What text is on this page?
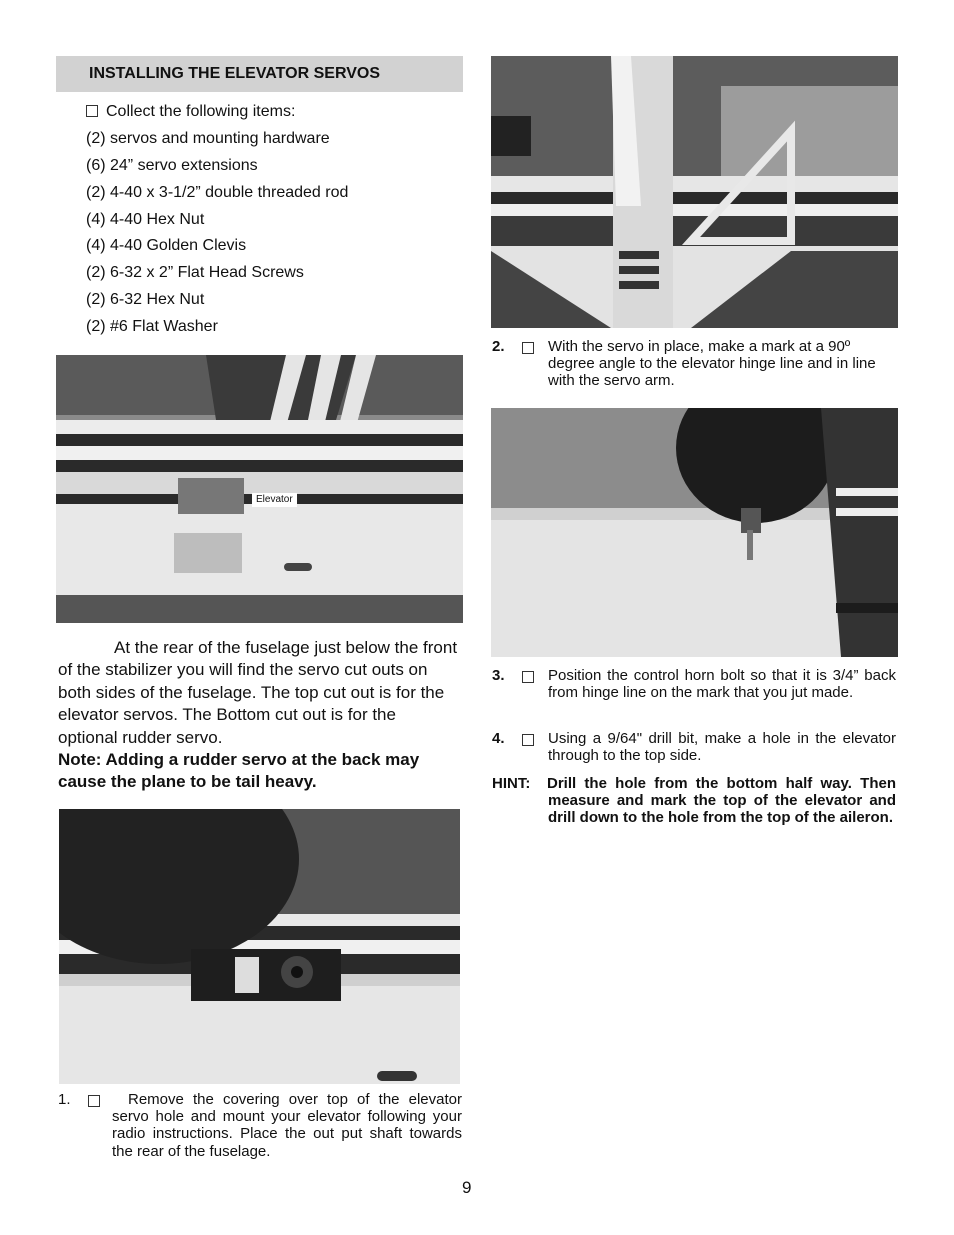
INSTALLING THE ELEVATOR SERVOS
Collect the following items:
(2) servos and mounting hardware
(6) 24” servo extensions
(2) 4-40 x 3-1/2” double threaded rod
(4) 4-40 Hex Nut
(4) 4-40 Golden Clevis
(2) 6-32 x 2” Flat Head Screws
(2) 6-32 Hex Nut
(2) #6 Flat Washer
Elevator
At the rear of the fuselage just below the front of the stabilizer you will find the servo cut outs on both sides of the fuselage. The top cut out is for the elevator servos. The Bottom cut out is for the optional rudder servo.
Note: Adding a rudder servo at the back may cause the plane to be tail heavy.
1.	Remove the covering over top of the elevator servo hole and mount your elevator following your radio instructions. Place the out put shaft towards the rear of the fuselage.
9
2.	With the servo in place, make a mark at a 90º degree angle to the elevator hinge line and in line with the servo arm.
3.	Position the control horn bolt so that it is 3/4” back from hinge line on the mark that you jut made.
4.	Using a 9/64" drill bit, make a hole in the elevator through to the top side.
HINT: Drill the hole from the bottom half way. Then measure and mark the top of the elevator and drill down to the hole from the top of the aileron.
